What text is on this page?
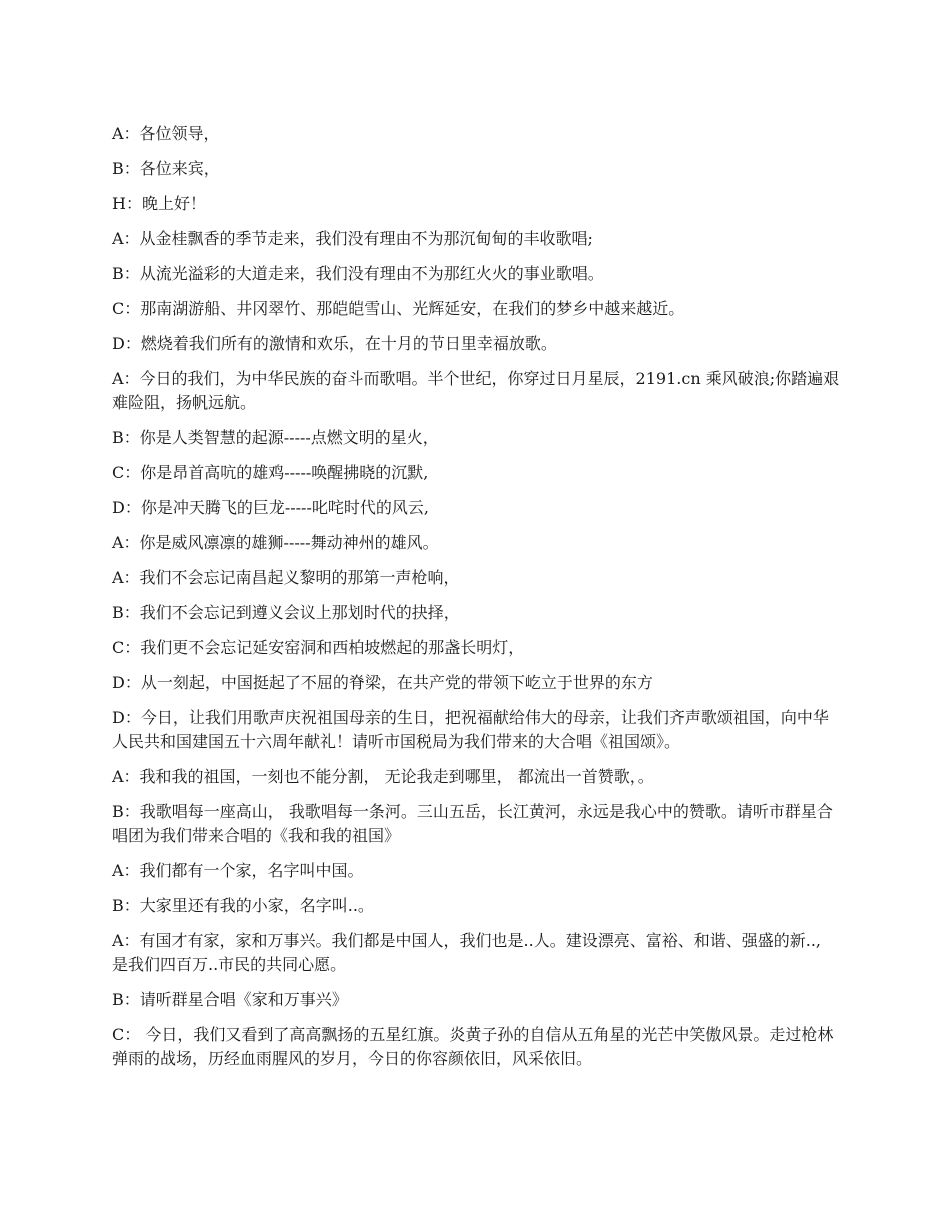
A：各位领导，

B：各位来宾，

H：晚上好！

A：从金桂飘香的季节走来，我们没有理由不为那沉甸甸的丰收歌唱;

B：从流光溢彩的大道走来，我们没有理由不为那红火火的事业歌唱。

C：那南湖游船、井冈翠竹、那皑皑雪山、光辉延安，在我们的梦乡中越来越近。

D：燃烧着我们所有的激情和欢乐，在十月的节日里幸福放歌。

A：今日的我们，为中华民族的奋斗而歌唱。半个世纪，你穿过日月星辰，2191.cn 乘风破浪;你踏遍艰难险阻，扬帆远航。

B：你是人类智慧的起源-----点燃文明的星火，

C：你是昂首高吭的雄鸡-----唤醒拂晓的沉默,

D：你是冲天腾飞的巨龙-----叱咤时代的风云,

A：你是威风凛凛的雄狮-----舞动神州的雄风。

A：我们不会忘记南昌起义黎明的那第一声枪响，

B：我们不会忘记到遵义会议上那划时代的抉择，

C：我们更不会忘记延安窑洞和西柏坡燃起的那盏长明灯，

D：从一刻起，中国挺起了不屈的脊梁，在共产党的带领下屹立于世界的东方

D：今日，让我们用歌声庆祝祖国母亲的生日，把祝福献给伟大的母亲，让我们齐声歌颂祖国，向中华人民共和国建国五十六周年献礼！请听市国税局为我们带来的大合唱《祖国颂》。

A：我和我的祖国，一刻也不能分割， 无论我走到哪里， 都流出一首赞歌，。

B：我歌唱每一座高山， 我歌唱每一条河。三山五岳，长江黄河，永远是我心中的赞歌。请听市群星合唱团为我们带来合唱的《我和我的祖国》

A：我们都有一个家，名字叫中国。

B：大家里还有我的小家，名字叫..。

A：有国才有家，家和万事兴。我们都是中国人，我们也是..人。建设漂亮、富裕、和谐、强盛的新.., 是我们四百万..市民的共同心愿。

B：请听群星合唱《家和万事兴》

C： 今日，我们又看到了高高飘扬的五星红旗。炎黄子孙的自信从五角星的光芒中笑傲风景。走过枪林弹雨的战场，历经血雨腥风的岁月，今日的你容颜依旧，风采依旧。
